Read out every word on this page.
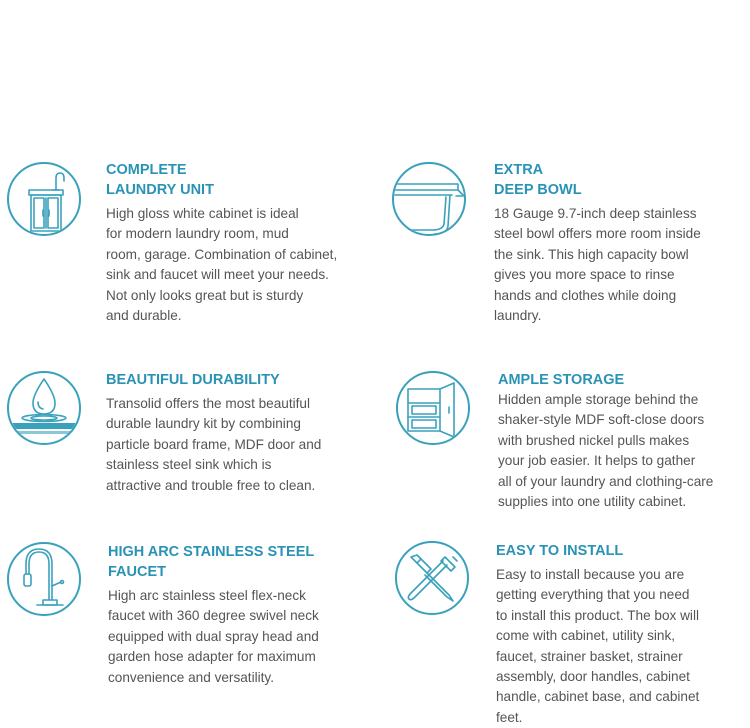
COMPLETE
LAUNDRY UNIT

High gloss white cabinet is ideal
for modern laundry room, mud
room, garage. Combination of cabinet,
sink and faucet will meet your needs.
Not only looks great but is sturdy
and durable.

EXTRA
DEEP BOWL

18 Gauge 9.7-inch deep stainless
steel bowl offers more room inside
the sink. This high capacity bowl
gives you more space to rinse
hands and clothes while doing
laundry.

BEAUTIFUL DURABILITY

Transolid offers the most beautiful
durable laundry kit by combining
particle board frame, MDF door and
stainless steel sink which is
attractive and trouble free to clean.

AMPLE STORAGE

Hidden ample storage behind the
shaker-style MDF soft-close doors
with brushed nickel pulls makes
your job easier. It helps to gather
all of your laundry and clothing-care
supplies into one utility cabinet.

HIGH ARC STAINLESS STEEL
FAUCET

High arc stainless steel flex-neck
faucet with 360 degree swivel neck
equipped with dual spray head and
garden hose adapter for maximum
convenience and versatility.

EASY TO INSTALL

Easy to install because you are
getting everything that you need
to install this product. The box will
come with cabinet, utility sink,
faucet, strainer basket, strainer
assembly, door handles, cabinet
handle, cabinet base, and cabinet
feet.
